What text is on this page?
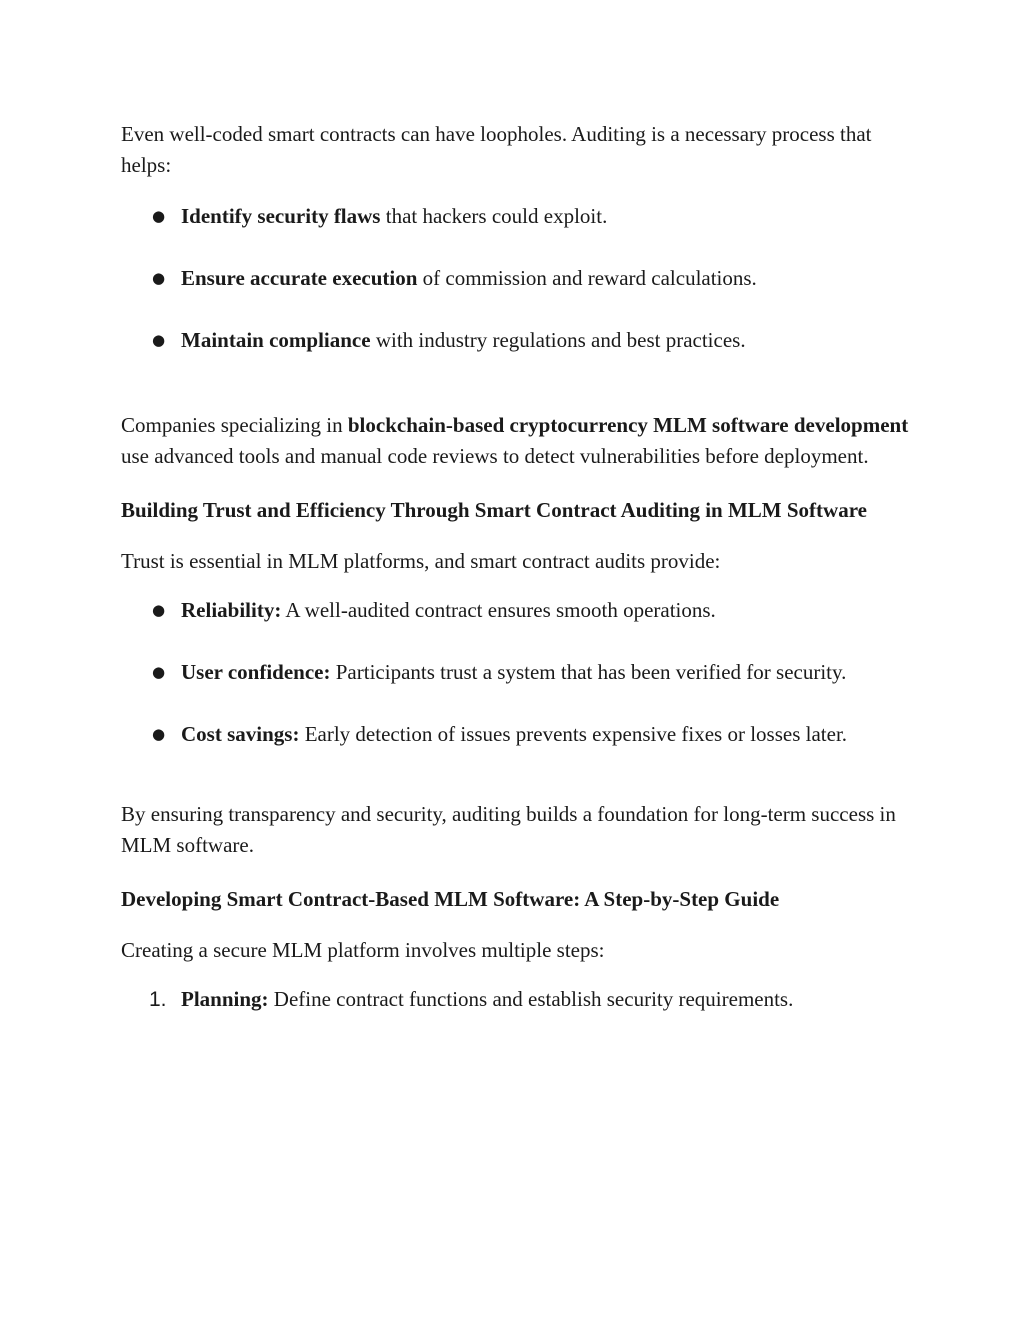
Even well-coded smart contracts can have loopholes. Auditing is a necessary process that helps:

● Identify security flaws that hackers could exploit.
● Ensure accurate execution of commission and reward calculations.
● Maintain compliance with industry regulations and best practices.

Companies specializing in blockchain-based cryptocurrency MLM software development use advanced tools and manual code reviews to detect vulnerabilities before deployment.

Building Trust and Efficiency Through Smart Contract Auditing in MLM Software

Trust is essential in MLM platforms, and smart contract audits provide:

● Reliability: A well-audited contract ensures smooth operations.
● User confidence: Participants trust a system that has been verified for security.
● Cost savings: Early detection of issues prevents expensive fixes or losses later.

By ensuring transparency and security, auditing builds a foundation for long-term success in MLM software.

Developing Smart Contract-Based MLM Software: A Step-by-Step Guide

Creating a secure MLM platform involves multiple steps:

1. Planning: Define contract functions and establish security requirements.
